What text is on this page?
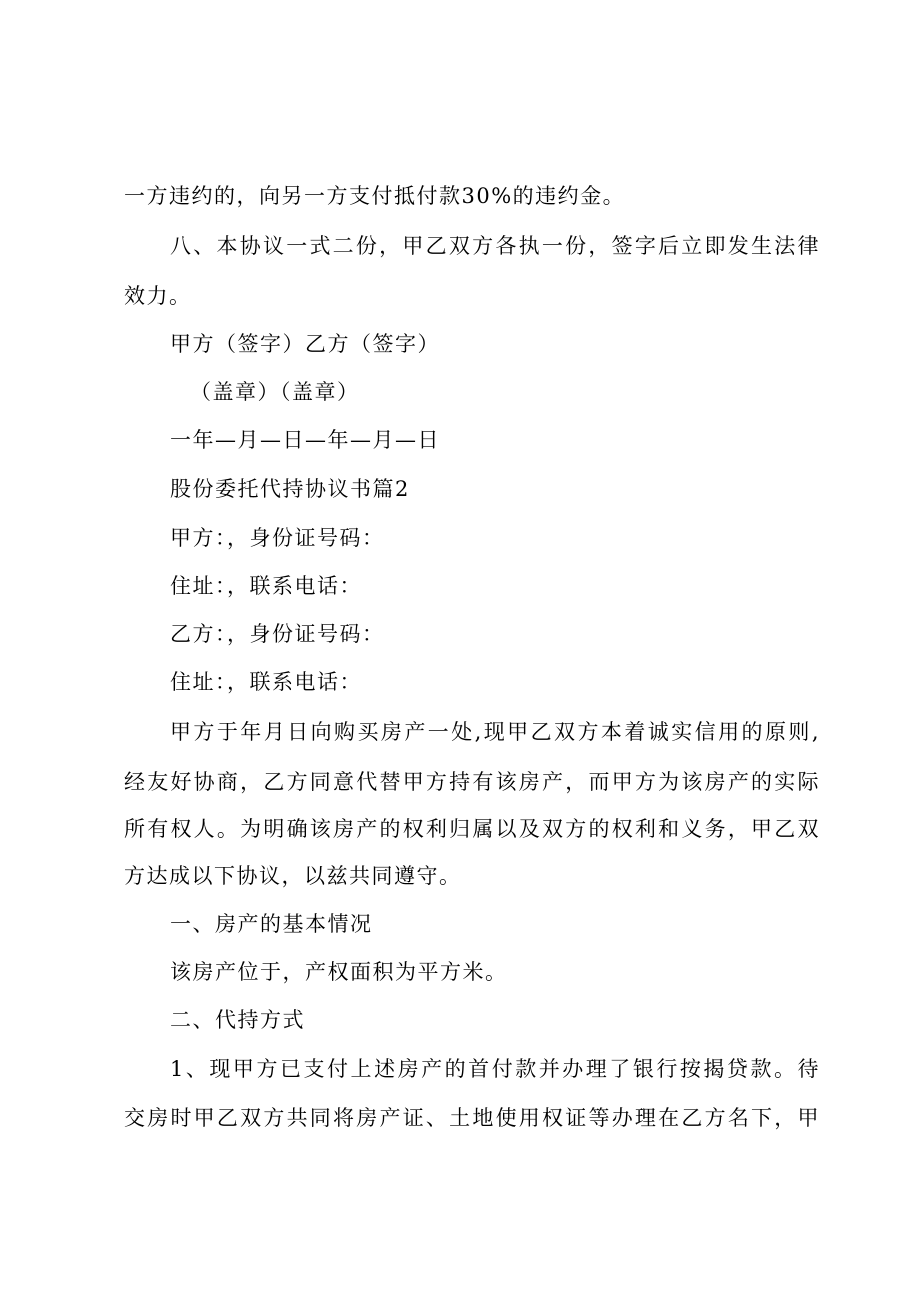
一方违约的，向另一方支付抵付款30%的违约金。
八、本协议一式二份，甲乙双方各执一份，签字后立即发生法律
效力。
甲方（签字）乙方（签字）
（盖章）（盖章）
一年—月—日—年—月—日
股份委托代持协议书篇2
甲方：，身份证号码：
住址：，联系电话：
乙方：，身份证号码：
住址：，联系电话：
甲方于年月日向购买房产一处,现甲乙双方本着诚实信用的原则,
经友好协商，乙方同意代替甲方持有该房产，而甲方为该房产的实际
所有权人。为明确该房产的权利归属以及双方的权利和义务，甲乙双
方达成以下协议，以兹共同遵守。
一、房产的基本情况
该房产位于，产权面积为平方米。
二、代持方式
1、现甲方已支付上述房产的首付款并办理了银行按揭贷款。待
交房时甲乙双方共同将房产证、土地使用权证等办理在乙方名下，甲
